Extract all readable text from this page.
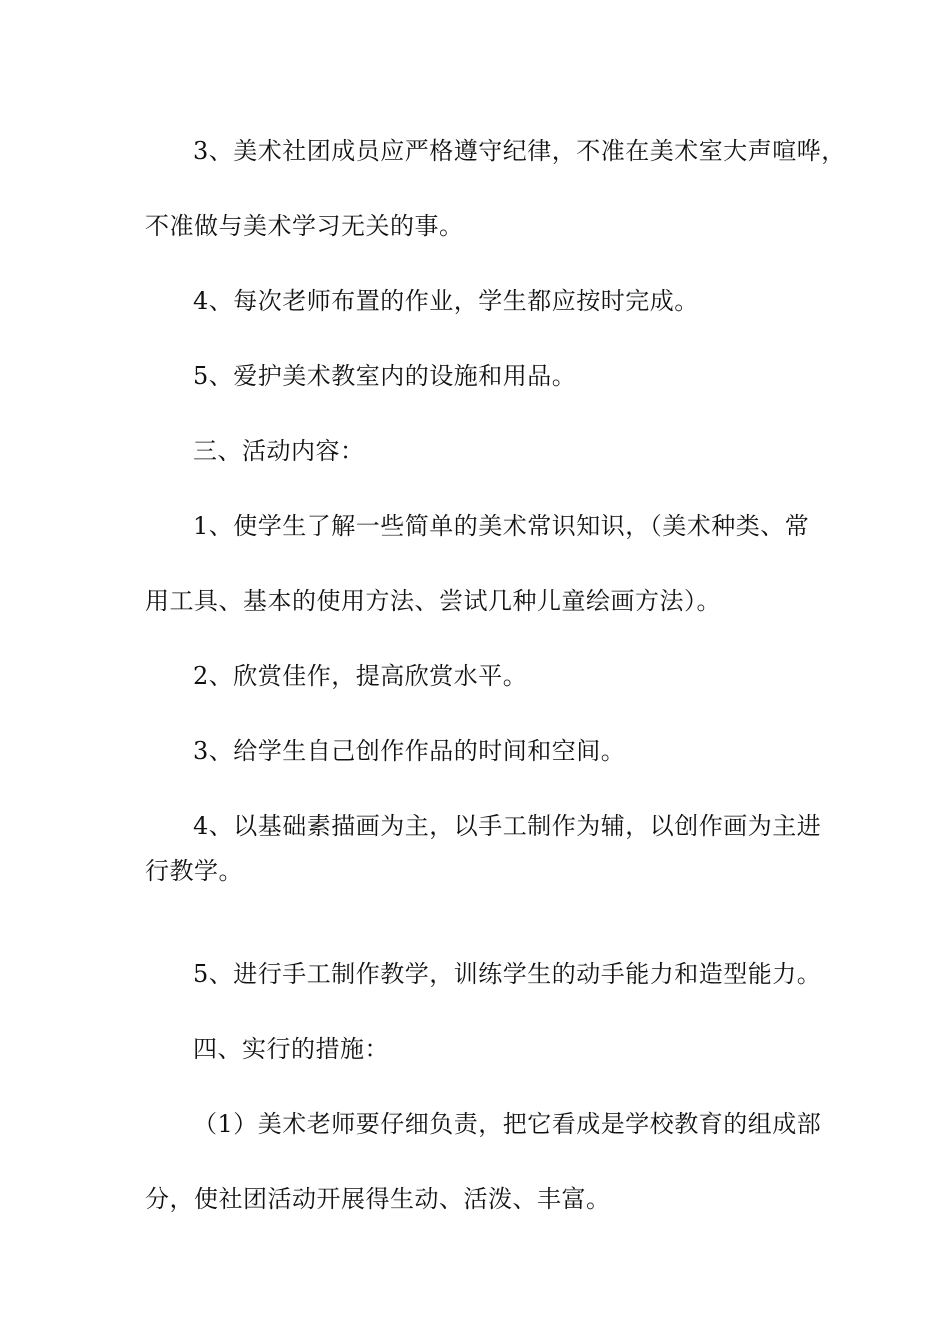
3、美术社团成员应严格遵守纪律，不准在美术室大声喧哗，
不准做与美术学习无关的事。
4、每次老师布置的作业，学生都应按时完成。
5、爱护美术教室内的设施和用品。
三、活动内容：
1、使学生了解一些简单的美术常识知识，（美术种类、常
用工具、基本的使用方法、尝试几种儿童绘画方法）。
2、欣赏佳作，提高欣赏水平。
3、给学生自己创作作品的时间和空间。
4、以基础素描画为主，以手工制作为辅，以创作画为主进
行教学。
5、进行手工制作教学，训练学生的动手能力和造型能力。
四、实行的措施：
（1）美术老师要仔细负责，把它看成是学校教育的组成部
分，使社团活动开展得生动、活泼、丰富。
